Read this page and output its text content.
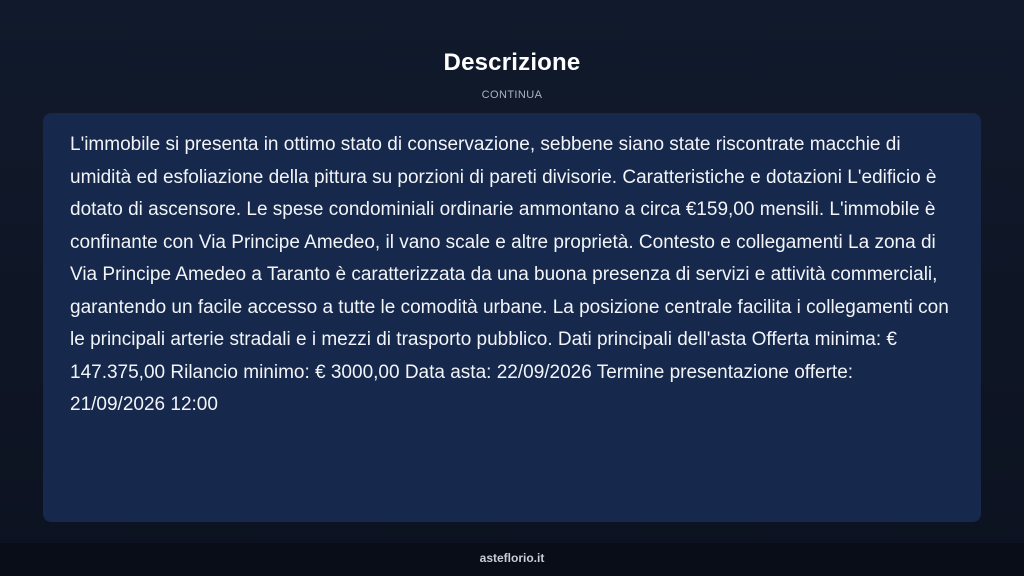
Descrizione
CONTINUA

L'immobile si presenta in ottimo stato di conservazione, sebbene siano state riscontrate macchie di umidità ed esfoliazione della pittura su porzioni di pareti divisorie. Caratteristiche e dotazioni L'edificio è dotato di ascensore. Le spese condominiali ordinarie ammontano a circa €159,00 mensili. L'immobile è confinante con Via Principe Amedeo, il vano scale e altre proprietà. Contesto e collegamenti La zona di Via Principe Amedeo a Taranto è caratterizzata da una buona presenza di servizi e attività commerciali, garantendo un facile accesso a tutte le comodità urbane. La posizione centrale facilita i collegamenti con le principali arterie stradali e i mezzi di trasporto pubblico. Dati principali dell'asta Offerta minima: € 147.375,00 Rilancio minimo: € 3000,00 Data asta: 22/09/2026 Termine presentazione offerte: 21/09/2026 12:00

asteflorio.it
